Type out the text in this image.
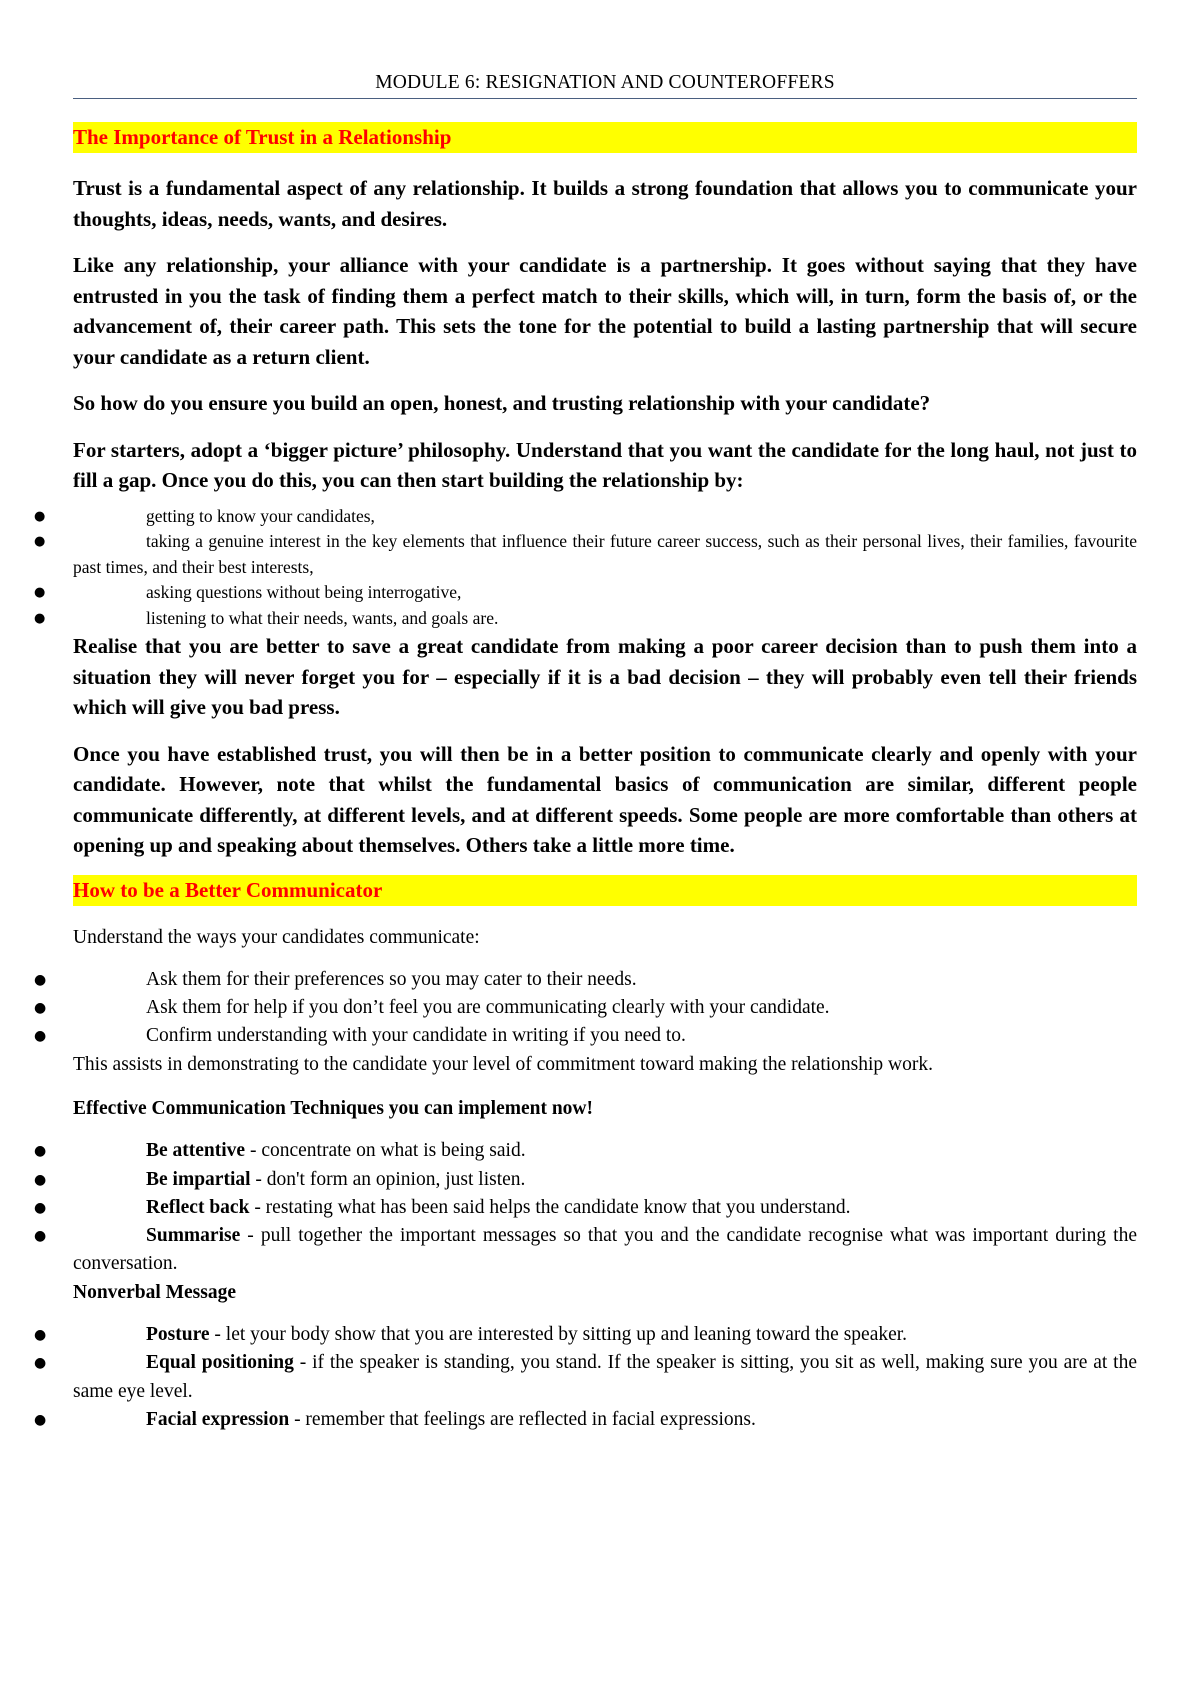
MODULE 6: RESIGNATION AND COUNTEROFFERS
The Importance of Trust in a Relationship

Trust is a fundamental aspect of any relationship. It builds a strong foundation that allows you to communicate your thoughts, ideas, needs, wants, and desires.

Like any relationship, your alliance with your candidate is a partnership. It goes without saying that they have entrusted in you the task of finding them a perfect match to their skills, which will, in turn, form the basis of, or the advancement of, their career path. This sets the tone for the potential to build a lasting partnership that will secure your candidate as a return client.

So how do you ensure you build an open, honest, and trusting relationship with your candidate?

For starters, adopt a ‘bigger picture’ philosophy. Understand that you want the candidate for the long haul, not just to fill a gap. Once you do this, you can then start building the relationship by:

●	getting to know your candidates,
●	taking a genuine interest in the key elements that influence their future career success, such as their personal lives, their families, favourite past times, and their best interests,
●	asking questions without being interrogative,
●	listening to what their needs, wants, and goals are.

Realise that you are better to save a great candidate from making a poor career decision than to push them into a situation they will never forget you for – especially if it is a bad decision – they will probably even tell their friends which will give you bad press.

Once you have established trust, you will then be in a better position to communicate clearly and openly with your candidate. However, note that whilst the fundamental basics of communication are similar, different people communicate differently, at different levels, and at different speeds. Some people are more comfortable than others at opening up and speaking about themselves. Others take a little more time.

How to be a Better Communicator

Understand the ways your candidates communicate:

●	Ask them for their preferences so you may cater to their needs.
●	Ask them for help if you don’t feel you are communicating clearly with your candidate.
●	Confirm understanding with your candidate in writing if you need to.

This assists in demonstrating to the candidate your level of commitment toward making the relationship work.

Effective Communication Techniques you can implement now!

●	Be attentive - concentrate on what is being said.
●	Be impartial - don't form an opinion, just listen.
●	Reflect back - restating what has been said helps the candidate know that you understand.
●	Summarise - pull together the important messages so that you and the candidate recognise what was important during the conversation.

Nonverbal Message

●	Posture - let your body show that you are interested by sitting up and leaning toward the speaker.
●	Equal positioning - if the speaker is standing, you stand. If the speaker is sitting, you sit as well, making sure you are at the same eye level.
●	Facial expression - remember that feelings are reflected in facial expressions.
